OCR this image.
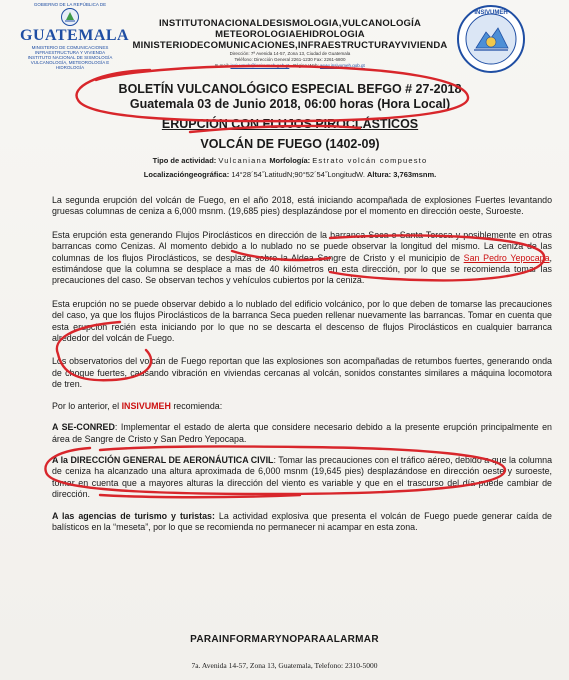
GOBIERNO DE LA REPÚBLICA DE
GUATEMALA
MINISTERIO DE COMUNICACIONES INFRAESTRUCTURA Y VIVIENDA
INSTITUTO NACIONAL DE SISMOLOGÍA VULCANOLOGÍA, METEOROLOGÍA E HIDROLOGÍA
INSTITUTONACIONALDESISMOLOGIA,VULCANOLOGÍA
METEOROLOGIAEHIDROLOGIA
MINISTERIODECOMUNICACIONES,INFRAESTRUCTURAYVIVIENDA
Dirección: 7ª Avenida 14-57, Zona 13, Ciudad de Guatemala
Teléfono: Dirección General 2261-1230 Fax: 2261-6800
E-mail: insivumeh@insivumeh.gob.gt Página Web: www.insivumeh.gob.gt
INSIVUMEH
BOLETÍN VULCANOLÓGICO ESPECIAL BEFGO # 27-2018
Guatemala 03 de Junio 2018, 06:00 horas (Hora Local)
ERUPCIÓN CON FLUJOS PIROCLÁSTICOS
VOLCÁN DE FUEGO (1402-09)
Tipo de actividad: Vulcaniana Morfología: Estrato volcán compuesto
Localizacióngeográfica: 14°28´54˝LatitudN;90°52´54˝LongitudW. Altura: 3,763msnm.

La segunda erupción del volcán de Fuego, en el año 2018, está iniciando acompañada de explosiones Fuertes levantando gruesas columnas de ceniza a 6,000 msnm. (19,685 pies) desplazándose por el momento en dirección oeste, Suroeste.

Esta erupción esta generando Flujos Piroclásticos en dirección de la barranca Seca o Santa Teresa y posiblemente en otras barrancas como Cenizas. Al momento debido a lo nublado no se puede observar la longitud del mismo. La ceniza de las columnas de los flujos Piroclásticos, se desplaza sobre la Aldea Sangre de Cristo y el municipio de San Pedro Yepocapa, estimándose que la columna se desplace a mas de 40 kilómetros en esta dirección, por lo que se recomienda tomar las precauciones del caso. Se observan techos y vehículos cubiertos por la ceniza.

Esta erupción no se puede observar debido a lo nublado del edificio volcánico, por lo que deben de tomarse las precauciones del caso, ya que los flujos Piroclásticos de la barranca Seca pueden rellenar nuevamente las barrancas. Tomar en cuenta que esta erupción recién esta iniciando por lo que no se descarta el descenso de flujos Piroclásticos en cualquier barranca alrededor del volcán de Fuego.

Los observatorios del volcán de Fuego reportan que las explosiones son acompañadas de retumbos fuertes, generando onda de choque fuertes, causando vibración en viviendas cercanas al volcán, sonidos constantes similares a máquina locomotora de tren.

Por lo anterior, el INSIVUMEH recomienda:

A SE-CONRED: Implementar el estado de alerta que considere necesario debido a la presente erupción principalmente en área de Sangre de Cristo y San Pedro Yepocapa.

A la DIRECCIÓN GENERAL DE AERONÁUTICA CIVIL: Tomar las precauciones con el tráfico aéreo, debido a que la columna de ceniza ha alcanzado una altura aproximada de 6,000 msnm (19,645 pies) desplazándose en dirección oeste y suroeste, tomar en cuenta que a mayores alturas la dirección del viento es variable y que en el trascurso del día puede cambiar de dirección.

A las agencias de turismo y turistas: La actividad explosiva que presenta el volcán de Fuego puede generar caída de balísticos en la “meseta”, por lo que se recomienda no permanecer ni acampar en esta zona.

PARAINFORMARYNOPARAALARMAR
7a. Avenida 14-57, Zona 13, Guatemala, Telefono: 2310-5000
